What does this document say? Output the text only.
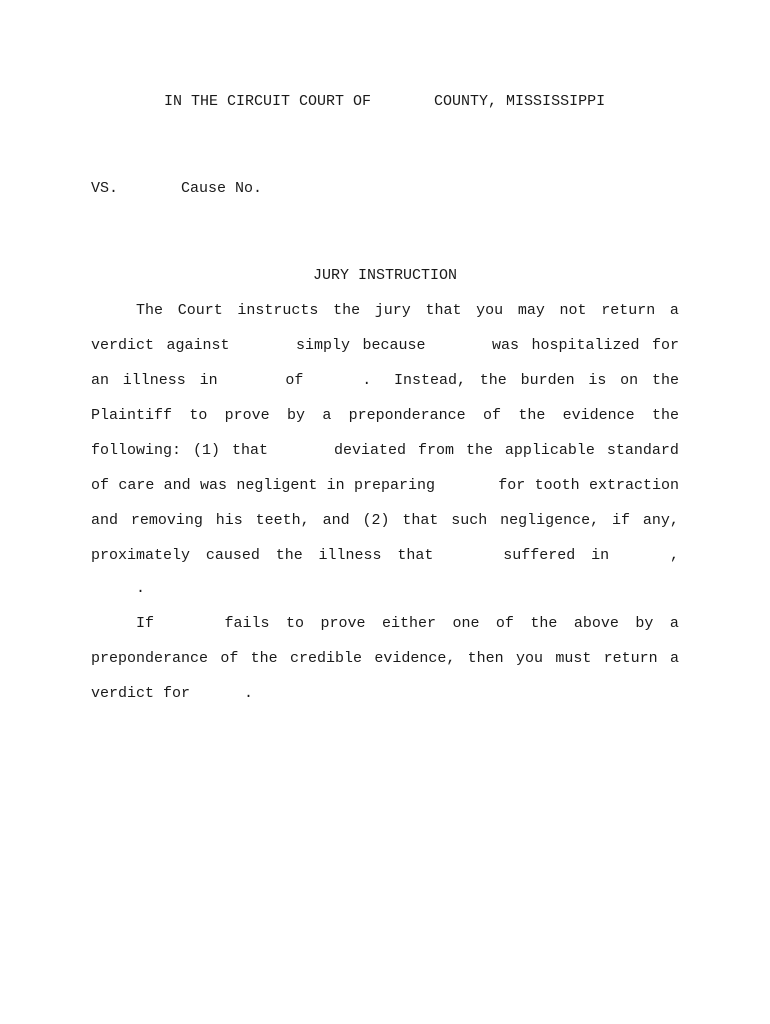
IN THE CIRCUIT COURT OF       COUNTY, MISSISSIPPI
VS.	Cause No.
JURY INSTRUCTION
The Court instructs the jury that you may not return a
verdict against simply because was hospitalized for
an illness in of . Instead, the burden is on the
Plaintiff to prove by a preponderance of the evidence the
following: (1) that deviated from the applicable standard
of care and was negligent in preparing for tooth extraction
and removing his teeth, and (2) that such negligence, if any,
proximately caused the illness that suffered in ,
.
If fails to prove either one of the above by a
preponderance of the credible evidence, then you must return a
verdict for      .
